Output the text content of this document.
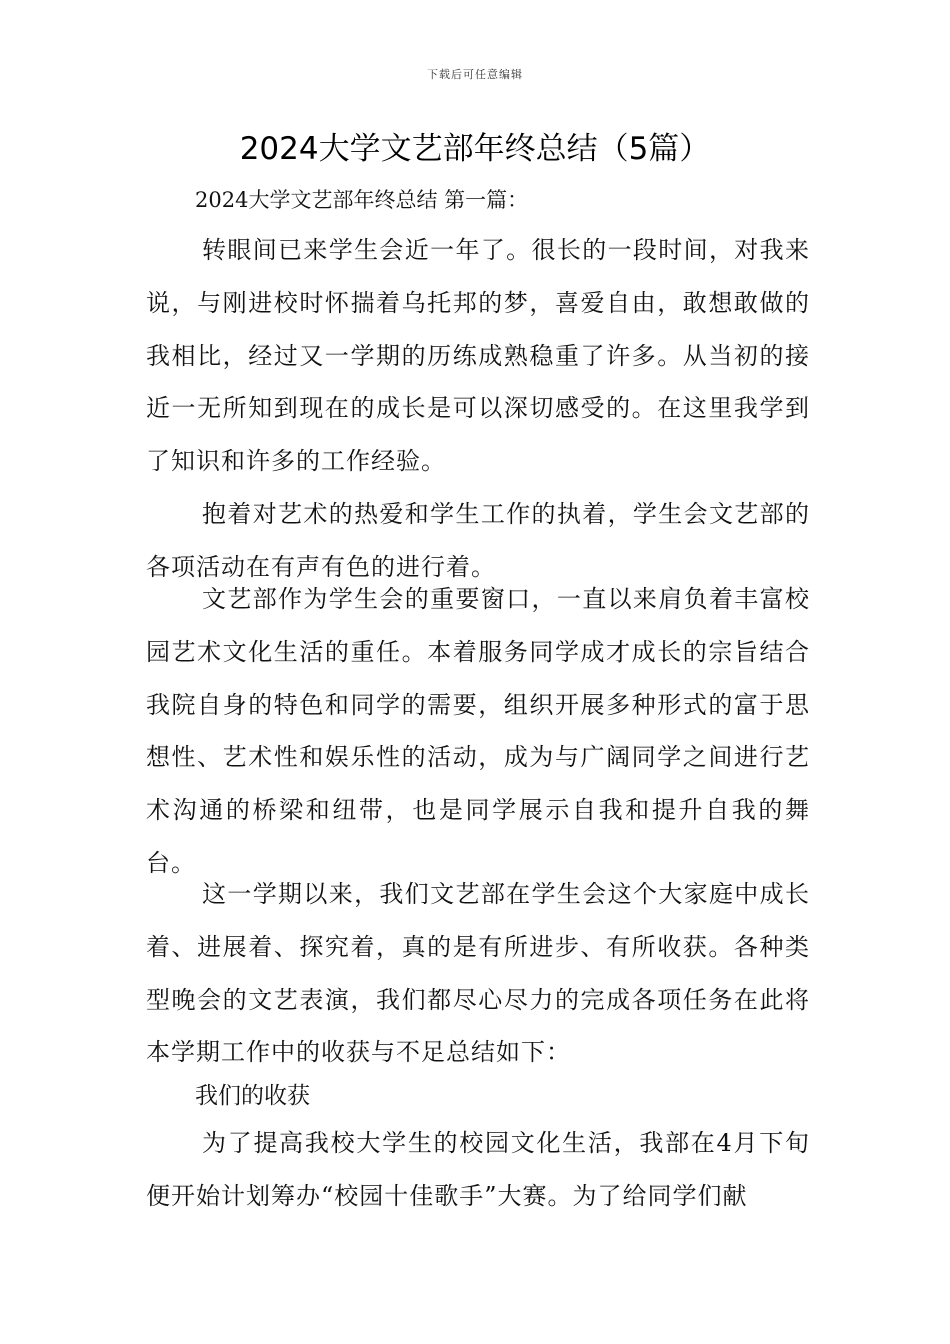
下载后可任意编辑
2024大学文艺部年终总结（5篇）
2024大学文艺部年终总结 第一篇：

转眼间已来学生会近一年了。很长的一段时间，对我来说，与刚进校时怀揣着乌托邦的梦，喜爱自由，敢想敢做的我相比，经过又一学期的历练成熟稳重了许多。从当初的接近一无所知到现在的成长是可以深切感受的。在这里我学到了知识和许多的工作经验。

抱着对艺术的热爱和学生工作的执着，学生会文艺部的各项活动在有声有色的进行着。

文艺部作为学生会的重要窗口，一直以来肩负着丰富校园艺术文化生活的重任。本着服务同学成才成长的宗旨结合我院自身的特色和同学的需要，组织开展多种形式的富于思想性、艺术性和娱乐性的活动，成为与广阔同学之间进行艺术沟通的桥梁和纽带，也是同学展示自我和提升自我的舞台。

这一学期以来，我们文艺部在学生会这个大家庭中成长着、进展着、探究着，真的是有所进步、有所收获。各种类型晚会的文艺表演，我们都尽心尽力的完成各项任务在此将本学期工作中的收获与不足总结如下：

我们的收获

为了提高我校大学生的校园文化生活，我部在4月下旬便开始计划筹办“校园十佳歌手”大赛。为了给同学们献
